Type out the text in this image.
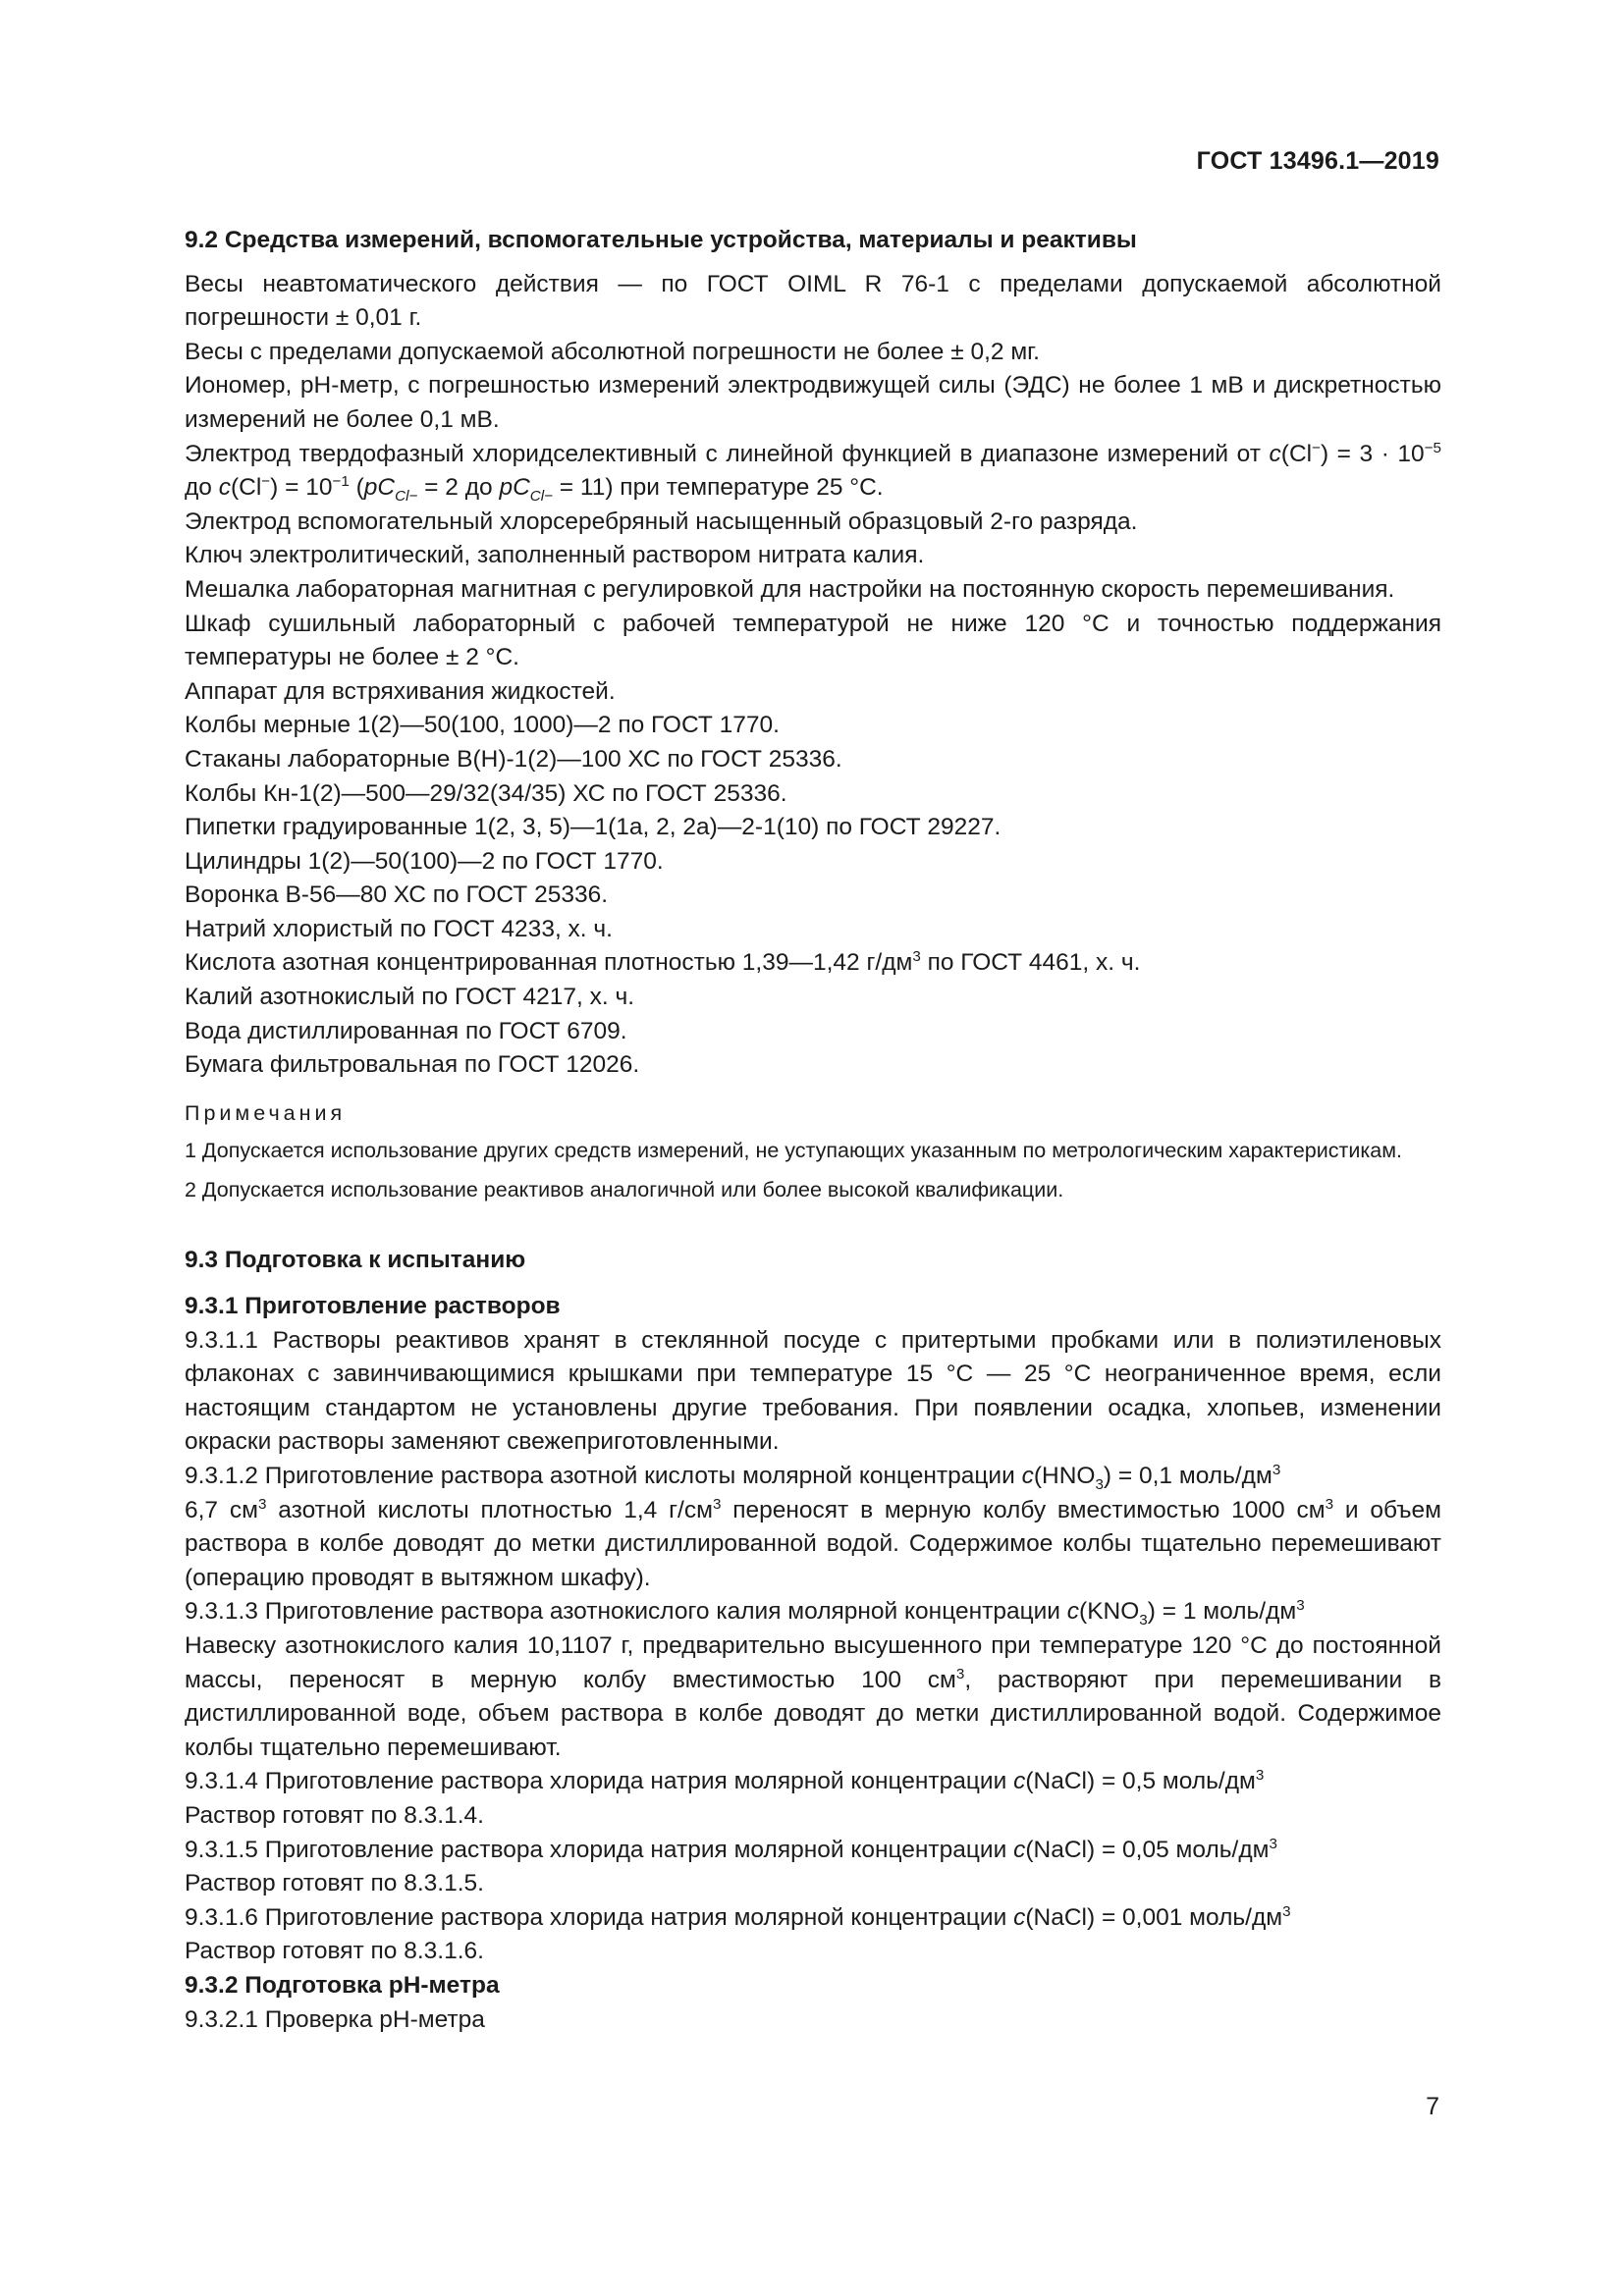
ГОСТ 13496.1—2019

9.2 Средства измерений, вспомогательные устройства, материалы и реактивы

Весы неавтоматического действия — по ГОСТ OIML R 76-1 с пределами допускаемой абсолютной погрешности ± 0,01 г.

Весы с пределами допускаемой абсолютной погрешности не более ± 0,2 мг.

Иономер, pH-метр, с погрешностью измерений электродвижущей силы (ЭДС) не более 1 мВ и дискретностью измерений не более 0,1 мВ.

Электрод твердофазный хлоридселективный с линейной функцией в диапазоне измерений от $c(Cl^-) = 3 \cdot 10^{-5}$ до $c(Cl^-) = 10^{-1}$ ($pC_{Cl-} = 2$ до $pC_{Cl-} = 11$) при температуре 25 °С.

Электрод вспомогательный хлорсеребряный насыщенный образцовый 2-го разряда.

Ключ электролитический, заполненный раствором нитрата калия.

Мешалка лабораторная магнитная с регулировкой для настройки на постоянную скорость перемешивания.

Шкаф сушильный лабораторный с рабочей температурой не ниже 120 °С и точностью поддержания температуры не более ± 2 °С.

Аппарат для встряхивания жидкостей.

Колбы мерные 1(2)—50(100, 1000)—2 по ГОСТ 1770.

Стаканы лабораторные В(Н)-1(2)—100 ХС по ГОСТ 25336.

Колбы Кн-1(2)—500—29/32(34/35) ХС по ГОСТ 25336.

Пипетки градуированные 1(2, 3, 5)—1(1а, 2, 2а)—2-1(10) по ГОСТ 29227.

Цилиндры 1(2)—50(100)—2 по ГОСТ 1770.

Воронка В-56—80 ХС по ГОСТ 25336.

Натрий хлористый по ГОСТ 4233, х. ч.

Кислота азотная концентрированная плотностью 1,39—1,42 $г/дм^3$ по ГОСТ 4461, х. ч.

Калий азотнокислый по ГОСТ 4217, х. ч.

Вода дистиллированная по ГОСТ 6709.

Бумага фильтровальная по ГОСТ 12026.

Примечания

1 Допускается использование других средств измерений, не уступающих указанным по метрологическим характеристикам.

2 Допускается использование реактивов аналогичной или более высокой квалификации.

9.3 Подготовка к испытанию

9.3.1 Приготовление растворов

9.3.1.1 Растворы реактивов хранят в стеклянной посуде с притертыми пробками или в полиэтиленовых флаконах с завинчивающимися крышками при температуре 15 °С — 25 °С неограниченное время, если настоящим стандартом не установлены другие требования. При появлении осадка, хлопьев, изменении окраски растворы заменяют свежеприготовленными.

9.3.1.2 Приготовление раствора азотной кислоты молярной концентрации $c(HNO_3) = 0,1$ моль/$дм^3$

6,7 $см^3$ азотной кислоты плотностью 1,4 $г/см^3$ переносят в мерную колбу вместимостью 1000 $см^3$ и объем раствора в колбе доводят до метки дистиллированной водой. Содержимое колбы тщательно перемешивают (операцию проводят в вытяжном шкафу).

9.3.1.3 Приготовление раствора азотнокислого калия молярной концентрации $c(KNO_3) = 1$ моль/$дм^3$

Навеску азотнокислого калия 10,1107 г, предварительно высушенного при температуре 120 °С до постоянной массы, переносят в мерную колбу вместимостью 100 $см^3$, растворяют при перемешивании в дистиллированной воде, объем раствора в колбе доводят до метки дистиллированной водой. Содержимое колбы тщательно перемешивают.

9.3.1.4 Приготовление раствора хлорида натрия молярной концентрации c(NaCl) = 0,5 моль/$дм^3$

Раствор готовят по 8.3.1.4.

9.3.1.5 Приготовление раствора хлорида натрия молярной концентрации c(NaCl) = 0,05 моль/$дм^3$

Раствор готовят по 8.3.1.5.

9.3.1.6 Приготовление раствора хлорида натрия молярной концентрации c(NaCl) = 0,001 моль/$дм^3$

Раствор готовят по 8.3.1.6.

9.3.2 Подготовка pH-метра

9.3.2.1 Проверка pH-метра

7
